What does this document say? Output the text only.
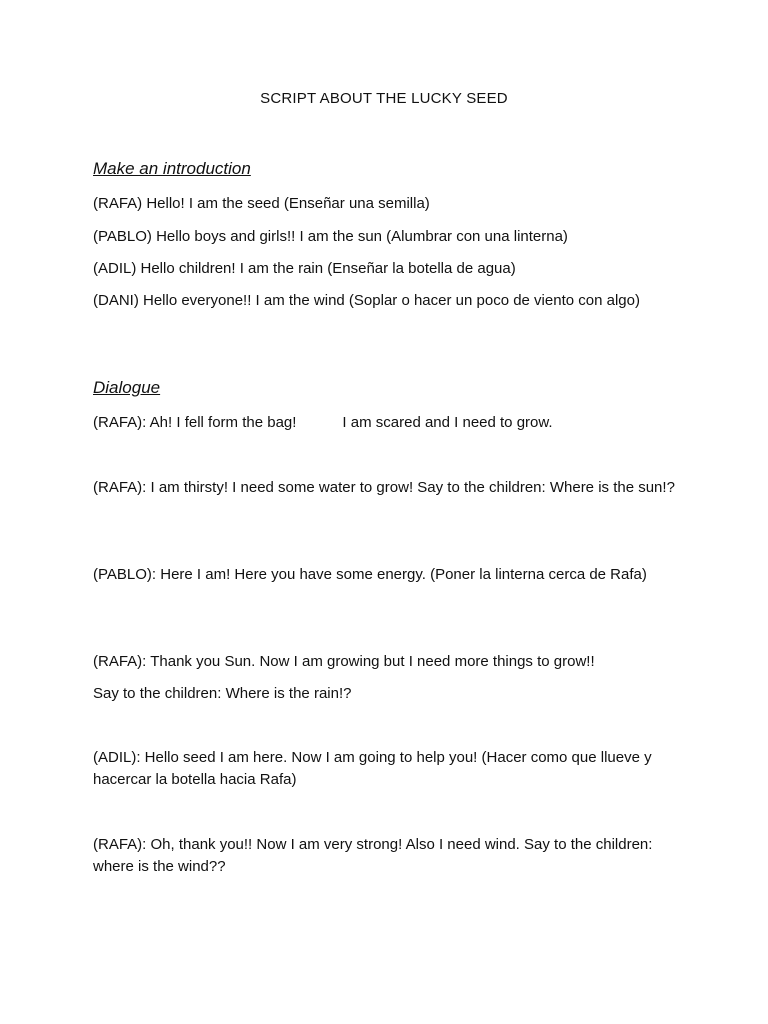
SCRIPT ABOUT THE LUCKY SEED
Make an introduction
(RAFA) Hello! I am the seed (Enseñar una semilla)
(PABLO) Hello boys and girls!! I am the sun (Alumbrar con una linterna)
(ADIL) Hello children! I am the rain (Enseñar la botella de agua)
(DANI) Hello everyone!! I am the wind (Soplar o hacer un poco de viento con algo)
Dialogue
(RAFA): Ah! I fell form the bag!	I am scared and I need to grow.
(RAFA): I am thirsty! I need some water to grow! Say to the children: Where is the sun!?
(PABLO): Here I am! Here you have some energy. (Poner la linterna cerca de Rafa)
(RAFA): Thank you Sun. Now I am growing but I need more things to grow!!
Say to the children: Where is the rain!?
(ADIL): Hello seed I am here. Now I am going to help you! (Hacer como que llueve y hacercar la botella hacia Rafa)
(RAFA): Oh, thank you!! Now I am very strong! Also I need wind. Say to the children: where is the wind??
